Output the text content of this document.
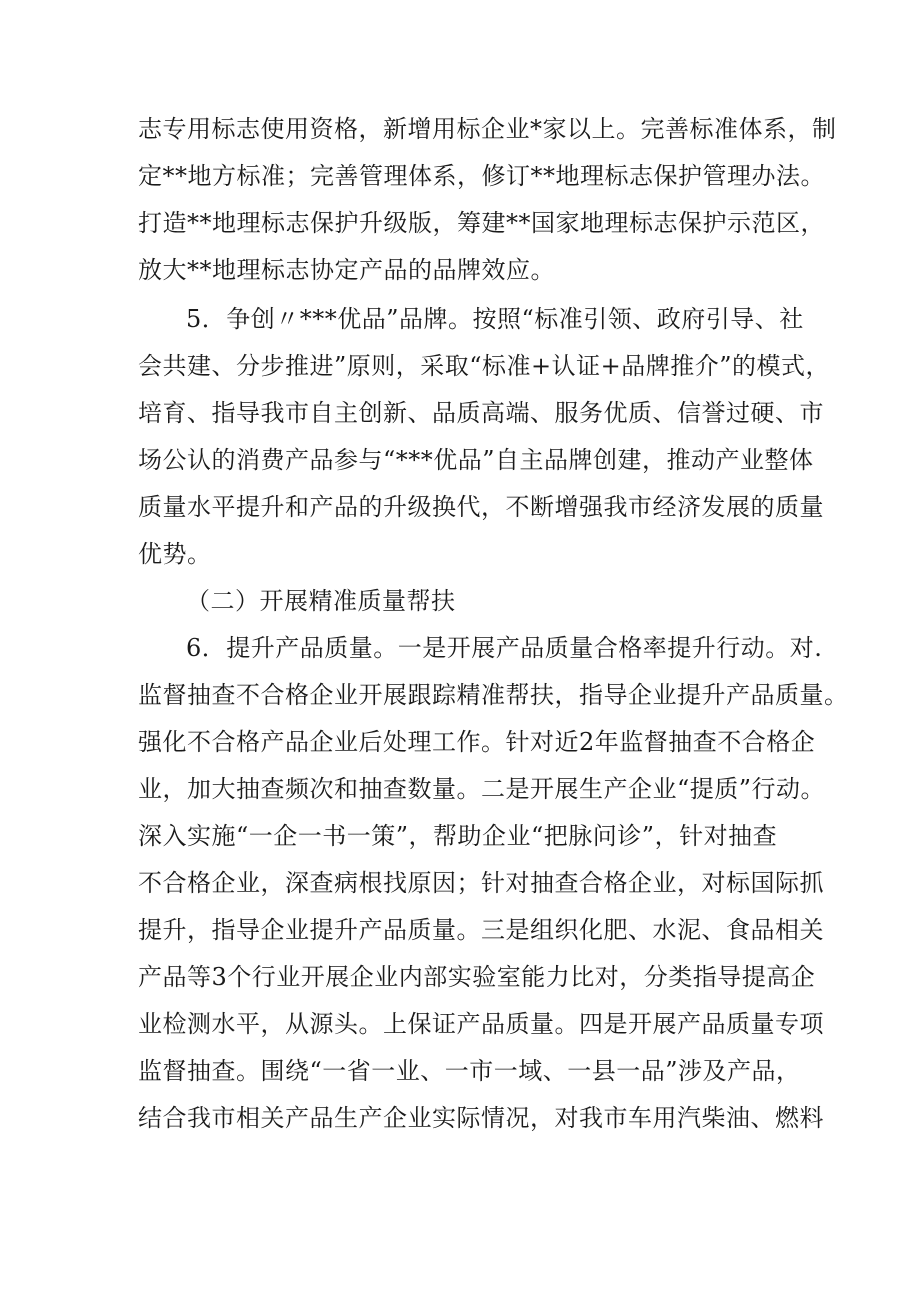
志专用标志使用资格，新增用标企业*家以上。完善标准体系，制
定**地方标准；完善管理体系，修订**地理标志保护管理办法。
打造**地理标志保护升级版，筹建**国家地理标志保护示范区，
放大**地理标志协定产品的品牌效应。
5．争创〃***优品”品牌。按照“标准引领、政府引导、社
会共建、分步推进”原则，采取“标准+认证+品牌推介”的模式，
培育、指导我市自主创新、品质高端、服务优质、信誉过硬、市
场公认的消费产品参与“***优品”自主品牌创建，推动产业整体
质量水平提升和产品的升级换代，不断增强我市经济发展的质量
优势。
（二）开展精准质量帮扶
6．提升产品质量。一是开展产品质量合格率提升行动。对.
监督抽查不合格企业开展跟踪精准帮扶，指导企业提升产品质量。
强化不合格产品企业后处理工作。针对近2年监督抽查不合格企
业，加大抽查频次和抽查数量。二是开展生产企业“提质”行动。
深入实施“一企一书一策”，帮助企业“把脉问诊”，针对抽查
不合格企业，深查病根找原因；针对抽查合格企业，对标国际抓
提升，指导企业提升产品质量。三是组织化肥、水泥、食品相关
产品等3个行业开展企业内部实验室能力比对，分类指导提高企
业检测水平，从源头。上保证产品质量。四是开展产品质量专项
监督抽查。围绕“一省一业、一市一域、一县一品”涉及产品，
结合我市相关产品生产企业实际情况，对我市车用汽柴油、燃料
